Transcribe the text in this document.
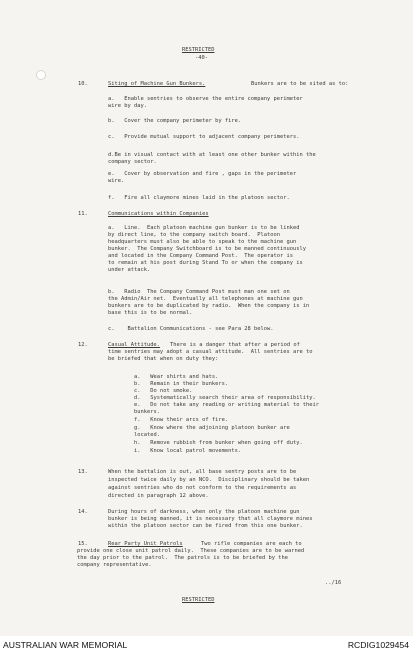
RESTRICTED
-40-
10.	Siting of Machine Gun Bunkers.	Bunkers are to be sited as to:
a.   Enable sentries to observe the entire company perimeter
wire by day.
b.   Cover the company perimeter by fire.
c.   Provide mutual support to adjacent company perimeters.
d.Be in visual contact with at least one other bunker within the
company sector.
e.   Cover by observation and fire , gaps in the perimeter
wire.
f.   Fire all claymore mines laid in the platoon sector.
11.	Communications within Companies
a.   Line.  Each platoon machine gun bunker is to be linked
by direct line, to the company switch board.  Platoon
headquarters must also be able to speak to the machine gun
bunker.  The Company Switchboard is to be manned continuously
and located in the Company Command Post.  The operator is
to remain at his post during Stand To or when the company is
under attack.
b.   Radio  The Company Command Post must man one set on
the Admin/Air net.  Eventually all telephones at machine gun
bunkers are to be duplicated by radio.  When the company is in
base this is to be normal.
c.    Battalion Communications - see Para 28 below.
12.	Casual Attitude. There is a danger that after a period of
time sentries may adopt a casual attitude.  All sentries are to
be briefed that when on duty they:
a.   Wear shirts and hats.
b.   Remain in their bunkers.
c.   Do not smoke.
d.   Systematically search their area of responsibility.
e.   Do not take any reading or writing material to their
bunkers.
f.   Know their arcs of fire.
g.   Know where the adjoining platoon bunker are
located.
h.   Remove rubbish from bunker when going off duty.
i.   Know local patrol movements.
13.	When the battalion is out, all base sentry posts are to be
inspected twice daily by an NCO.  Disciplinary should be taken
against sentries who do not conform to the requirements as
directed in paragraph 12 above.
14.	During hours of darkness, when only the platoon machine gun
bunker is being manned, it is necessary that all claymore mines
within the platoon sector can be fired from this one bunker.
15.	Rear Party Unit Patrols	Two rifle companies are each to
provide one close unit patrol daily.  These companies are to be warned
the day prior to the patrol.  The patrols is to be briefed by the
company representative.
../16
RESTRICTED
AUSTRALIAN WAR MEMORIAL	RCDIG1029454
